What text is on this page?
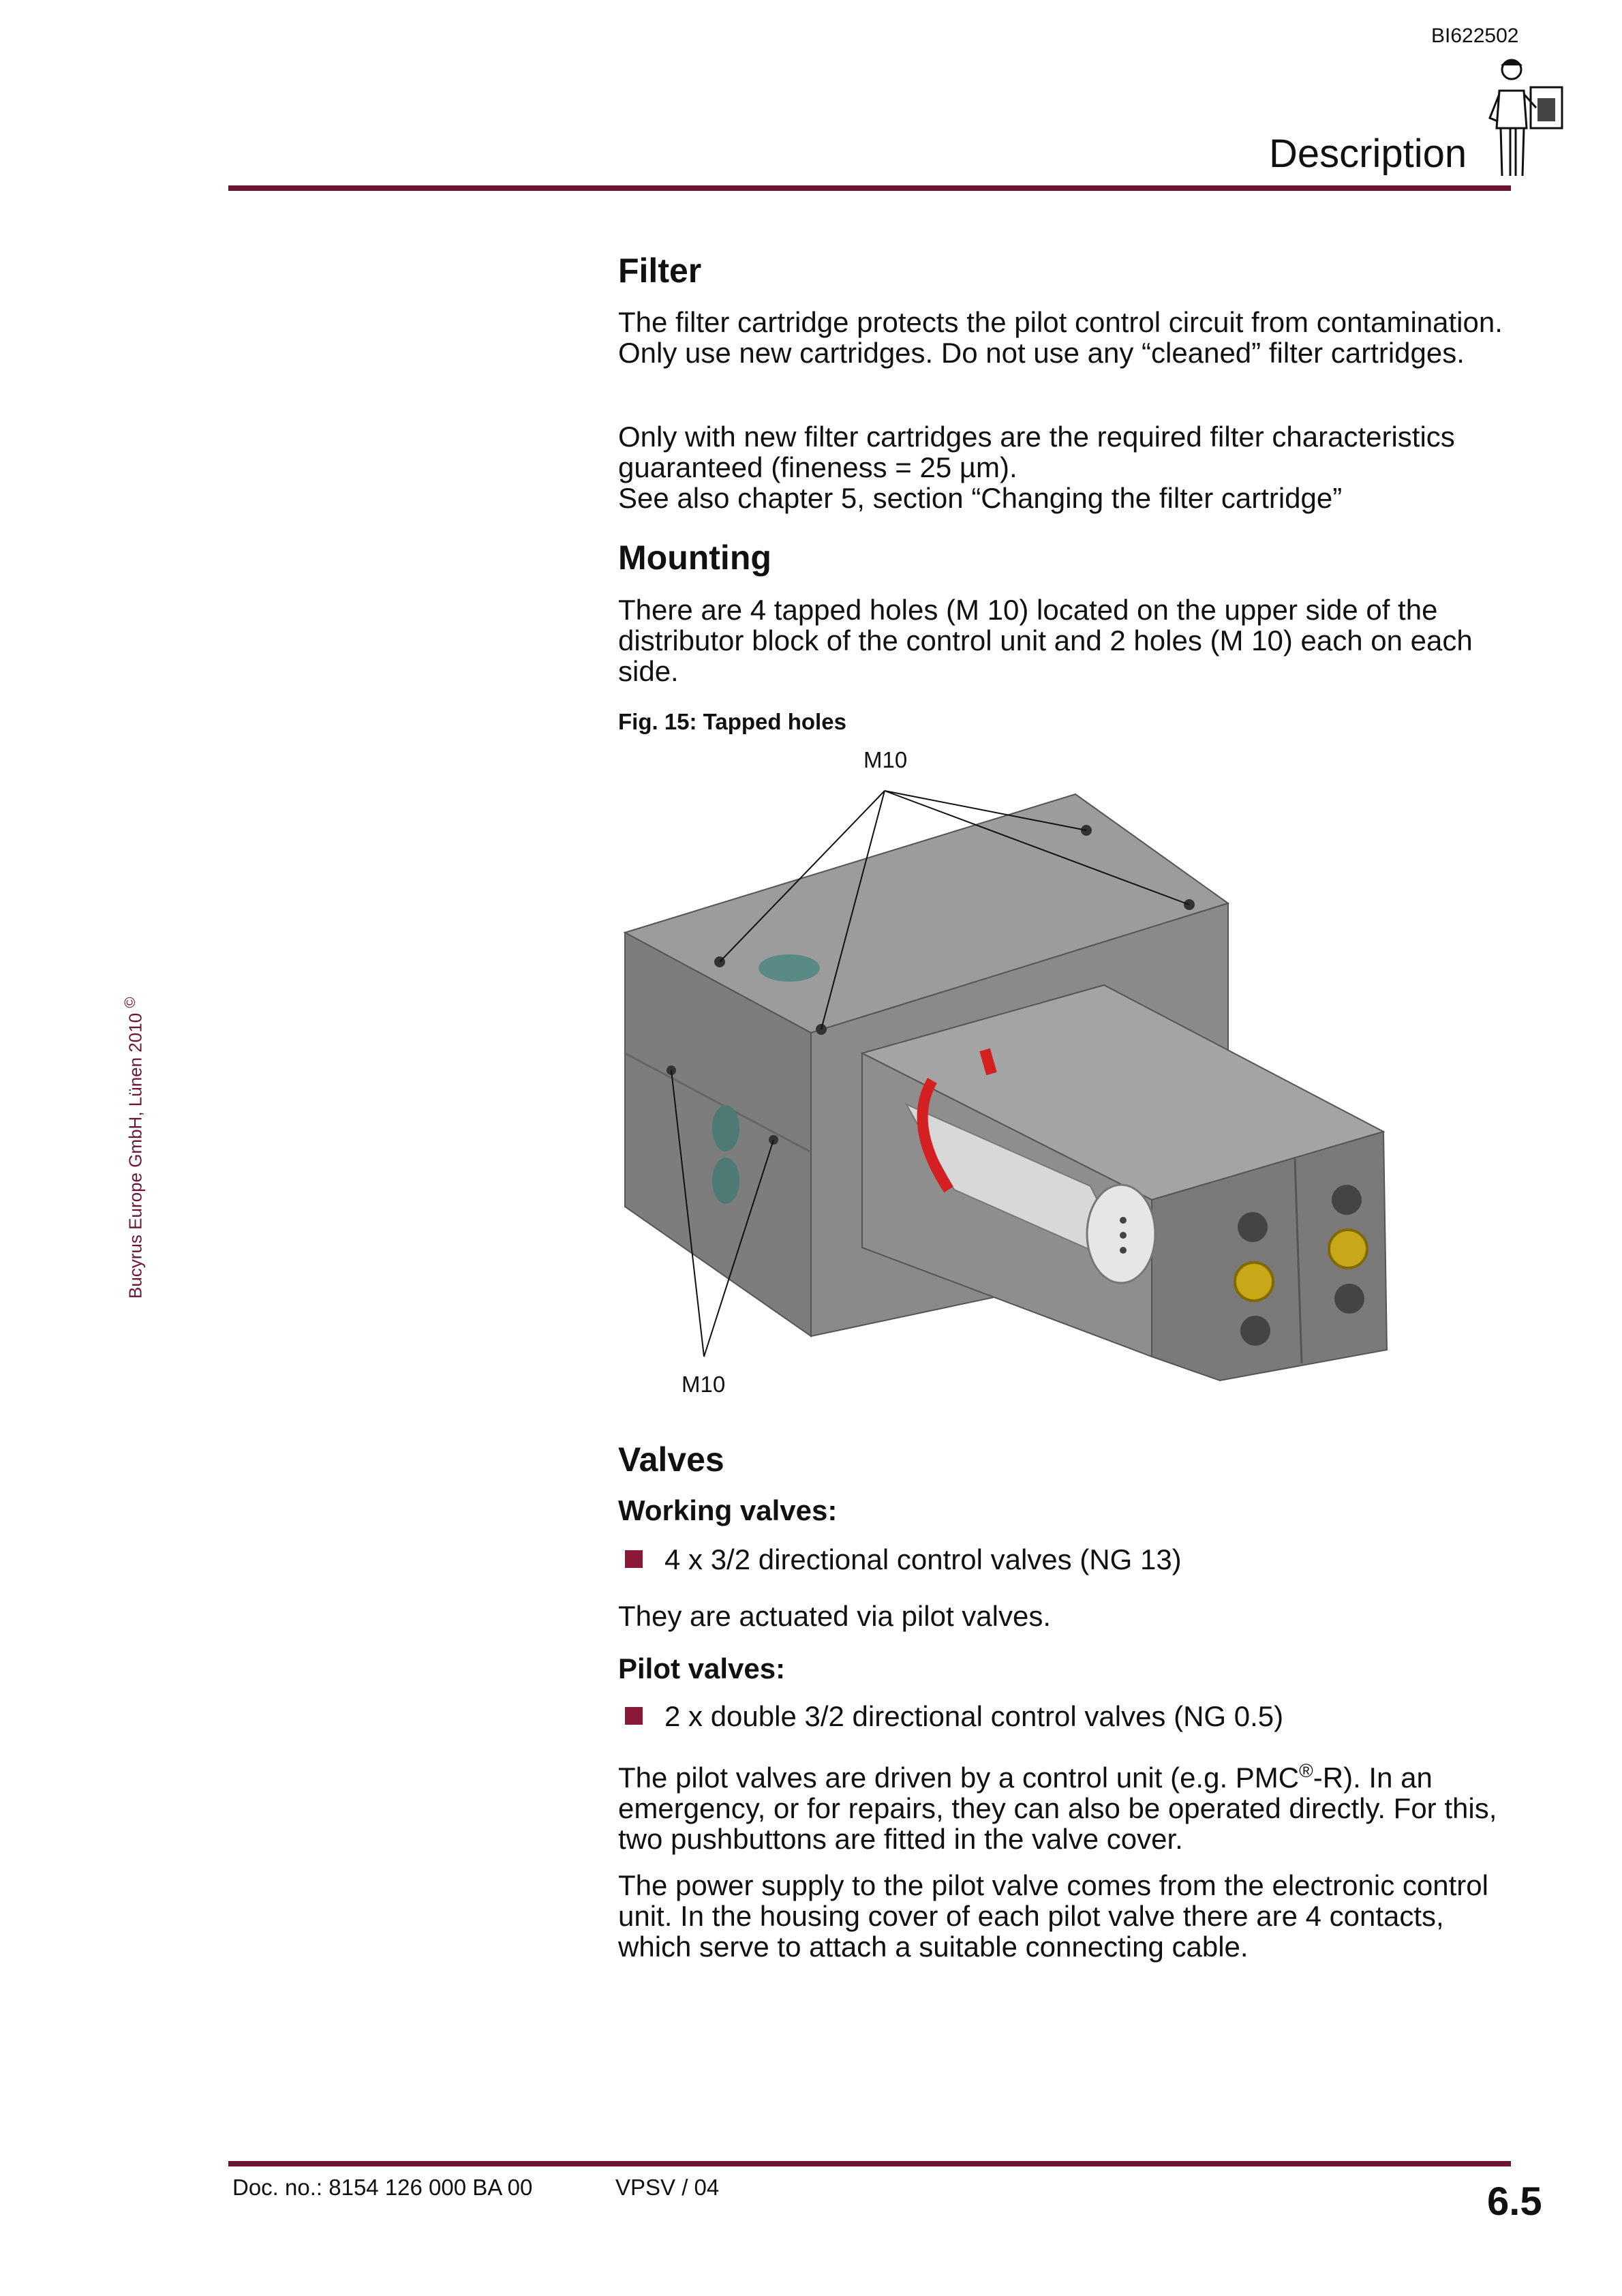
BI622502
Description
Bucyrus Europe GmbH, Lünen 2010 ©
Filter

The filter cartridge protects the pilot control circuit from contamination. Only use new cartridges. Do not use any “cleaned” filter cartridges.

Only with new filter cartridges are the required filter characteristics guaranteed (fineness = 25 µm).
See also chapter 5, section “Changing the filter cartridge”

Mounting

There are 4 tapped holes (M 10) located on the upper side of the distributor block of the control unit and 2 holes (M 10) each on each side.

Fig. 15: Tapped holes
M10
M10
Valves
Working valves:
4 x 3/2 directional control valves (NG 13)

They are actuated via pilot valves.

Pilot valves:
2 x double 3/2 directional control valves (NG 0.5)

The pilot valves are driven by a control unit (e.g. PMC®-R). In an emergency, or for repairs, they can also be operated directly. For this, two pushbuttons are fitted in the valve cover.

The power supply to the pilot valve comes from the electronic control unit. In the housing cover of each pilot valve there are 4 contacts, which serve to attach a suitable connecting cable.

Doc. no.: 8154 126 000 BA 00	VPSV / 04	6.5
